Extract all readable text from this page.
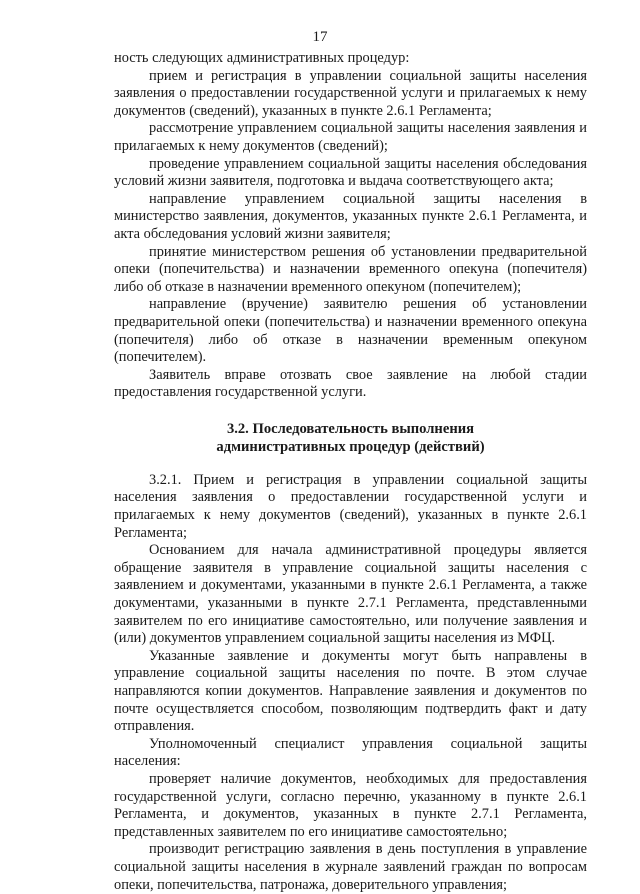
17

ность следующих административных процедур:

прием и регистрация в управлении социальной защиты населения заявления о предоставлении государственной услуги и прилагаемых к нему документов (сведений), указанных в пункте 2.6.1 Регламента;

рассмотрение управлением социальной защиты населения заявления и прилагаемых к нему документов (сведений);

проведение управлением социальной защиты населения обследования условий жизни заявителя, подготовка и выдача соответствующего акта;

направление управлением социальной защиты населения в министерство заявления, документов, указанных пункте 2.6.1 Регламента, и акта обследования условий жизни заявителя;

принятие министерством решения об установлении предварительной опеки (попечительства) и назначении временного опекуна (попечителя) либо об отказе в назначении временного опекуном (попечителем);

направление (вручение) заявителю решения об установлении предварительной опеки (попечительства) и назначении временного опекуна (попечителя) либо об отказе в назначении временным опекуном (попечителем).

Заявитель вправе отозвать свое заявление на любой стадии предоставления государственной услуги.

3.2. Последовательность выполнения
административных процедур (действий)

3.2.1. Прием и регистрация в управлении социальной защиты населения заявления о предоставлении государственной услуги и прилагаемых к нему документов (сведений), указанных в пункте 2.6.1 Регламента;

Основанием для начала административной процедуры является обращение заявителя в управление социальной защиты населения с заявлением и документами, указанными в пункте 2.6.1 Регламента, а также документами, указанными в пункте 2.7.1 Регламента, представленными заявителем по его инициативе самостоятельно, или получение заявления и (или) документов управлением социальной защиты населения из МФЦ.

Указанные заявление и документы могут быть направлены в управление социальной защиты населения по почте. В этом случае направляются копии документов. Направление заявления и документов по почте осуществляется способом, позволяющим подтвердить факт и дату отправления.

Уполномоченный специалист управления социальной защиты населения:

проверяет наличие документов, необходимых для предоставления государственной услуги, согласно перечню, указанному в пункте 2.6.1 Регламента, и документов, указанных в пункте 2.7.1 Регламента, представленных заявителем по его инициативе самостоятельно;

производит регистрацию заявления в день поступления в управление социальной защиты населения в журнале заявлений граждан по вопросам опеки, попечительства, патронажа, доверительного управления;
